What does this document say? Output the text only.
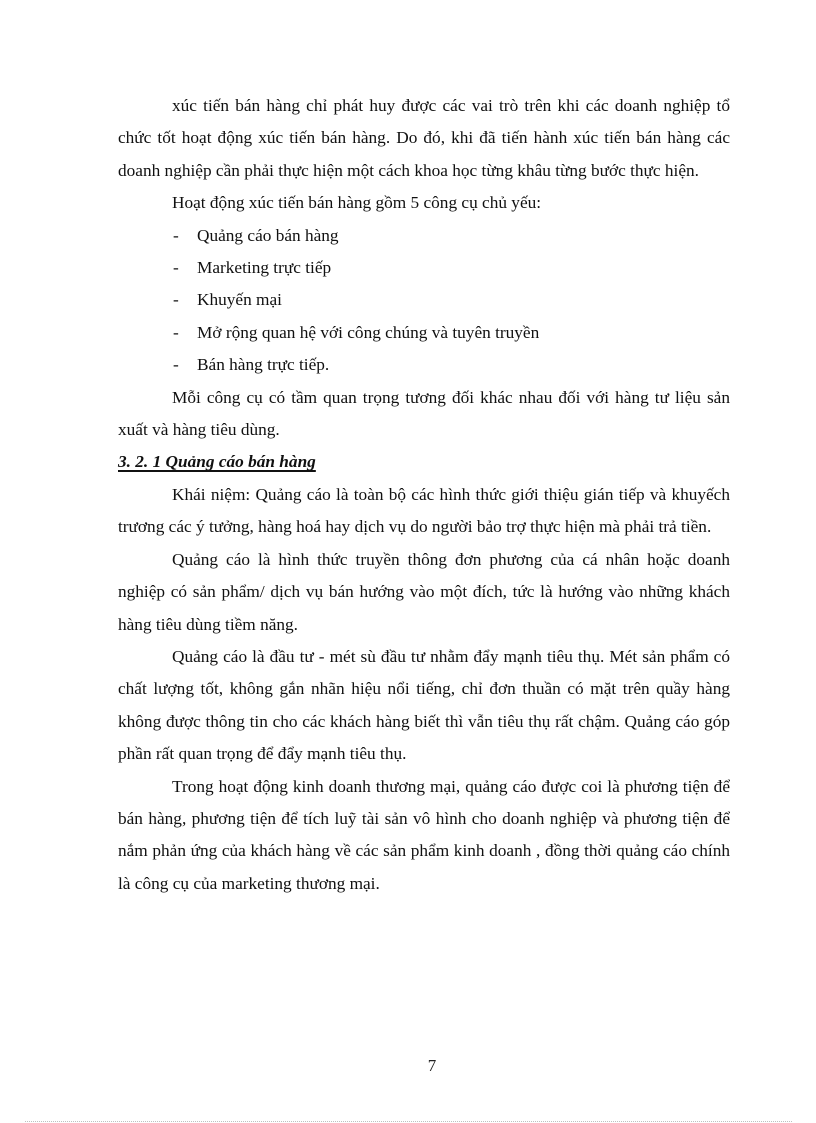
xúc tiến bán hàng chỉ phát huy được các vai trò trên khi các doanh nghiệp tổ chức tốt hoạt động xúc tiến bán hàng. Do đó, khi đã tiến hành xúc tiến bán hàng các doanh nghiệp cần phải thực hiện một cách khoa học từng khâu từng bước thực hiện.

Hoạt động xúc tiến bán hàng gồm 5 công cụ chủ yếu:

- Quảng cáo bán hàng
- Marketing trực tiếp
- Khuyến mại
- Mở rộng quan hệ với công chúng và tuyên truyền
- Bán hàng trực tiếp.

Mỗi công cụ có tầm quan trọng tương đối khác nhau đối với hàng tư liệu sản xuất và hàng tiêu dùng.

3. 2. 1 Quảng cáo bán hàng

Khái niệm: Quảng cáo là toàn bộ các hình thức giới thiệu gián tiếp và khuyếch trương các ý tưởng, hàng hoá hay dịch vụ do người bảo trợ thực hiện mà phải trả tiền.

Quảng cáo là hình thức truyền thông đơn phương của cá nhân hoặc doanh nghiệp có sản phẩm/ dịch vụ bán hướng vào một đích, tức là hướng vào những khách hàng tiêu dùng tiềm năng.

Quảng cáo là đầu tư - mét sù đầu tư nhằm đẩy mạnh tiêu thụ. Mét sản phẩm có chất lượng tốt, không gắn nhãn hiệu nổi tiếng, chỉ đơn thuần có mặt trên quầy hàng không được thông tin cho các khách hàng biết thì vẫn tiêu thụ rất chậm. Quảng cáo góp phần rất quan trọng để đẩy mạnh tiêu thụ.

Trong hoạt động kinh doanh thương mại, quảng cáo được coi là phương tiện để bán hàng, phương tiện để tích luỹ tài sản vô hình cho doanh nghiệp và phương tiện để nắm phản ứng của khách hàng về các sản phẩm kinh doanh , đồng thời quảng cáo chính là công cụ của marketing thương mại.

7
